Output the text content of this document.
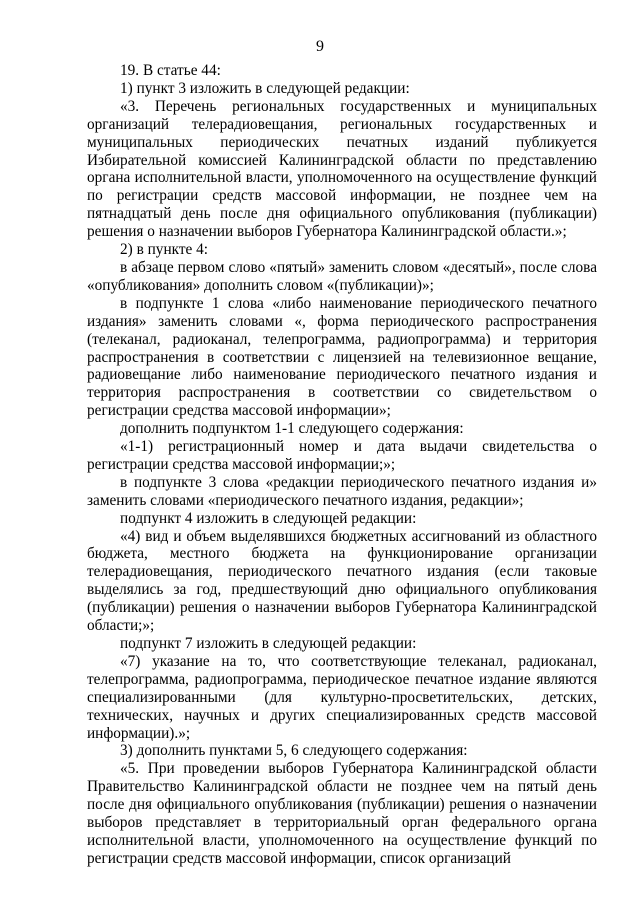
9

19. В статье 44:

1) пункт 3 изложить в следующей редакции:

«3. Перечень региональных государственных и муниципальных организаций телерадиовещания, региональных государственных и муниципальных периодических печатных изданий публикуется Избирательной комиссией Калининградской области по представлению органа исполнительной власти, уполномоченного на осуществление функций по регистрации средств массовой информации, не позднее чем на пятнадцатый день после дня официального опубликования (публикации) решения о назначении выборов Губернатора Калининградской области.»;

2) в пункте 4:

в абзаце первом слово «пятый» заменить словом «десятый», после слова «опубликования» дополнить словом «(публикации)»;

в подпункте 1 слова «либо наименование периодического печатного издания» заменить словами «, форма периодического распространения (телеканал, радиоканал, телепрограмма, радиопрограмма) и территория распространения в соответствии с лицензией на телевизионное вещание, радиовещание либо наименование периодического печатного издания и территория распространения в соответствии со свидетельством о регистрации средства массовой информации»;

дополнить подпунктом 1-1 следующего содержания:

«1-1) регистрационный номер и дата выдачи свидетельства о регистрации средства массовой информации;»;

в подпункте 3 слова «редакции периодического печатного издания и» заменить словами «периодического печатного издания, редакции»;

подпункт 4 изложить в следующей редакции:

«4) вид и объем выделявшихся бюджетных ассигнований из областного бюджета, местного бюджета на функционирование организации телерадиовещания, периодического печатного издания (если таковые выделялись за год, предшествующий дню официального опубликования (публикации) решения о назначении выборов Губернатора Калининградской области;»;

подпункт 7 изложить в следующей редакции:

«7) указание на то, что соответствующие телеканал, радиоканал, телепрограмма, радиопрограмма, периодическое печатное издание являются специализированными (для культурно-просветительских, детских, технических, научных и других специализированных средств массовой информации).»;

3) дополнить пунктами 5, 6 следующего содержания:

«5. При проведении выборов Губернатора Калининградской области Правительство Калининградской области не позднее чем на пятый день после дня официального опубликования (публикации) решения о назначении выборов представляет в территориальный орган федерального органа исполнительной власти, уполномоченного на осуществление функций по регистрации средств массовой информации, список организаций
